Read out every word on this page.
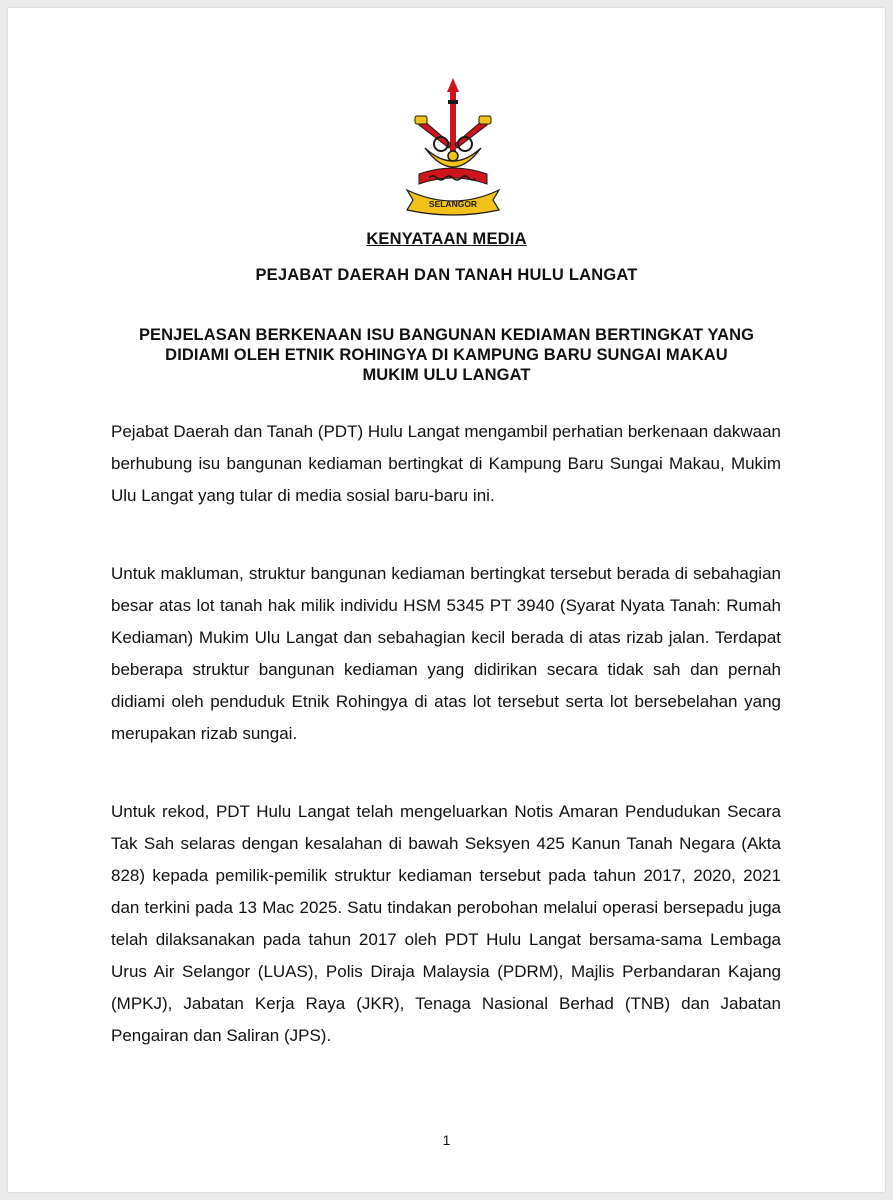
SELANGOR
KENYATAAN MEDIA
PEJABAT DAERAH DAN TANAH HULU LANGAT
PENJELASAN BERKENAAN ISU BANGUNAN KEDIAMAN BERTINGKAT YANG
DIDIAMI OLEH ETNIK ROHINGYA DI KAMPUNG BARU SUNGAI MAKAU
MUKIM ULU LANGAT

Pejabat Daerah dan Tanah (PDT) Hulu Langat mengambil perhatian berkenaan dakwaan berhubung isu bangunan kediaman bertingkat di Kampung Baru Sungai Makau, Mukim Ulu Langat yang tular di media sosial baru-baru ini.

Untuk makluman, struktur bangunan kediaman bertingkat tersebut berada di sebahagian besar atas lot tanah hak milik individu HSM 5345 PT 3940 (Syarat Nyata Tanah: Rumah Kediaman) Mukim Ulu Langat dan sebahagian kecil berada di atas rizab jalan. Terdapat beberapa struktur bangunan kediaman yang didirikan secara tidak sah dan pernah didiami oleh penduduk Etnik Rohingya di atas lot tersebut serta lot bersebelahan yang merupakan rizab sungai.

Untuk rekod, PDT Hulu Langat telah mengeluarkan Notis Amaran Pendudukan Secara Tak Sah selaras dengan kesalahan di bawah Seksyen 425 Kanun Tanah Negara (Akta 828) kepada pemilik-pemilik struktur kediaman tersebut pada tahun 2017, 2020, 2021 dan terkini pada 13 Mac 2025. Satu tindakan perobohan melalui operasi bersepadu juga telah dilaksanakan pada tahun 2017 oleh PDT Hulu Langat bersama-sama Lembaga Urus Air Selangor (LUAS), Polis Diraja Malaysia (PDRM), Majlis Perbandaran Kajang (MPKJ), Jabatan Kerja Raya (JKR), Tenaga Nasional Berhad (TNB) dan Jabatan Pengairan dan Saliran (JPS).

1
